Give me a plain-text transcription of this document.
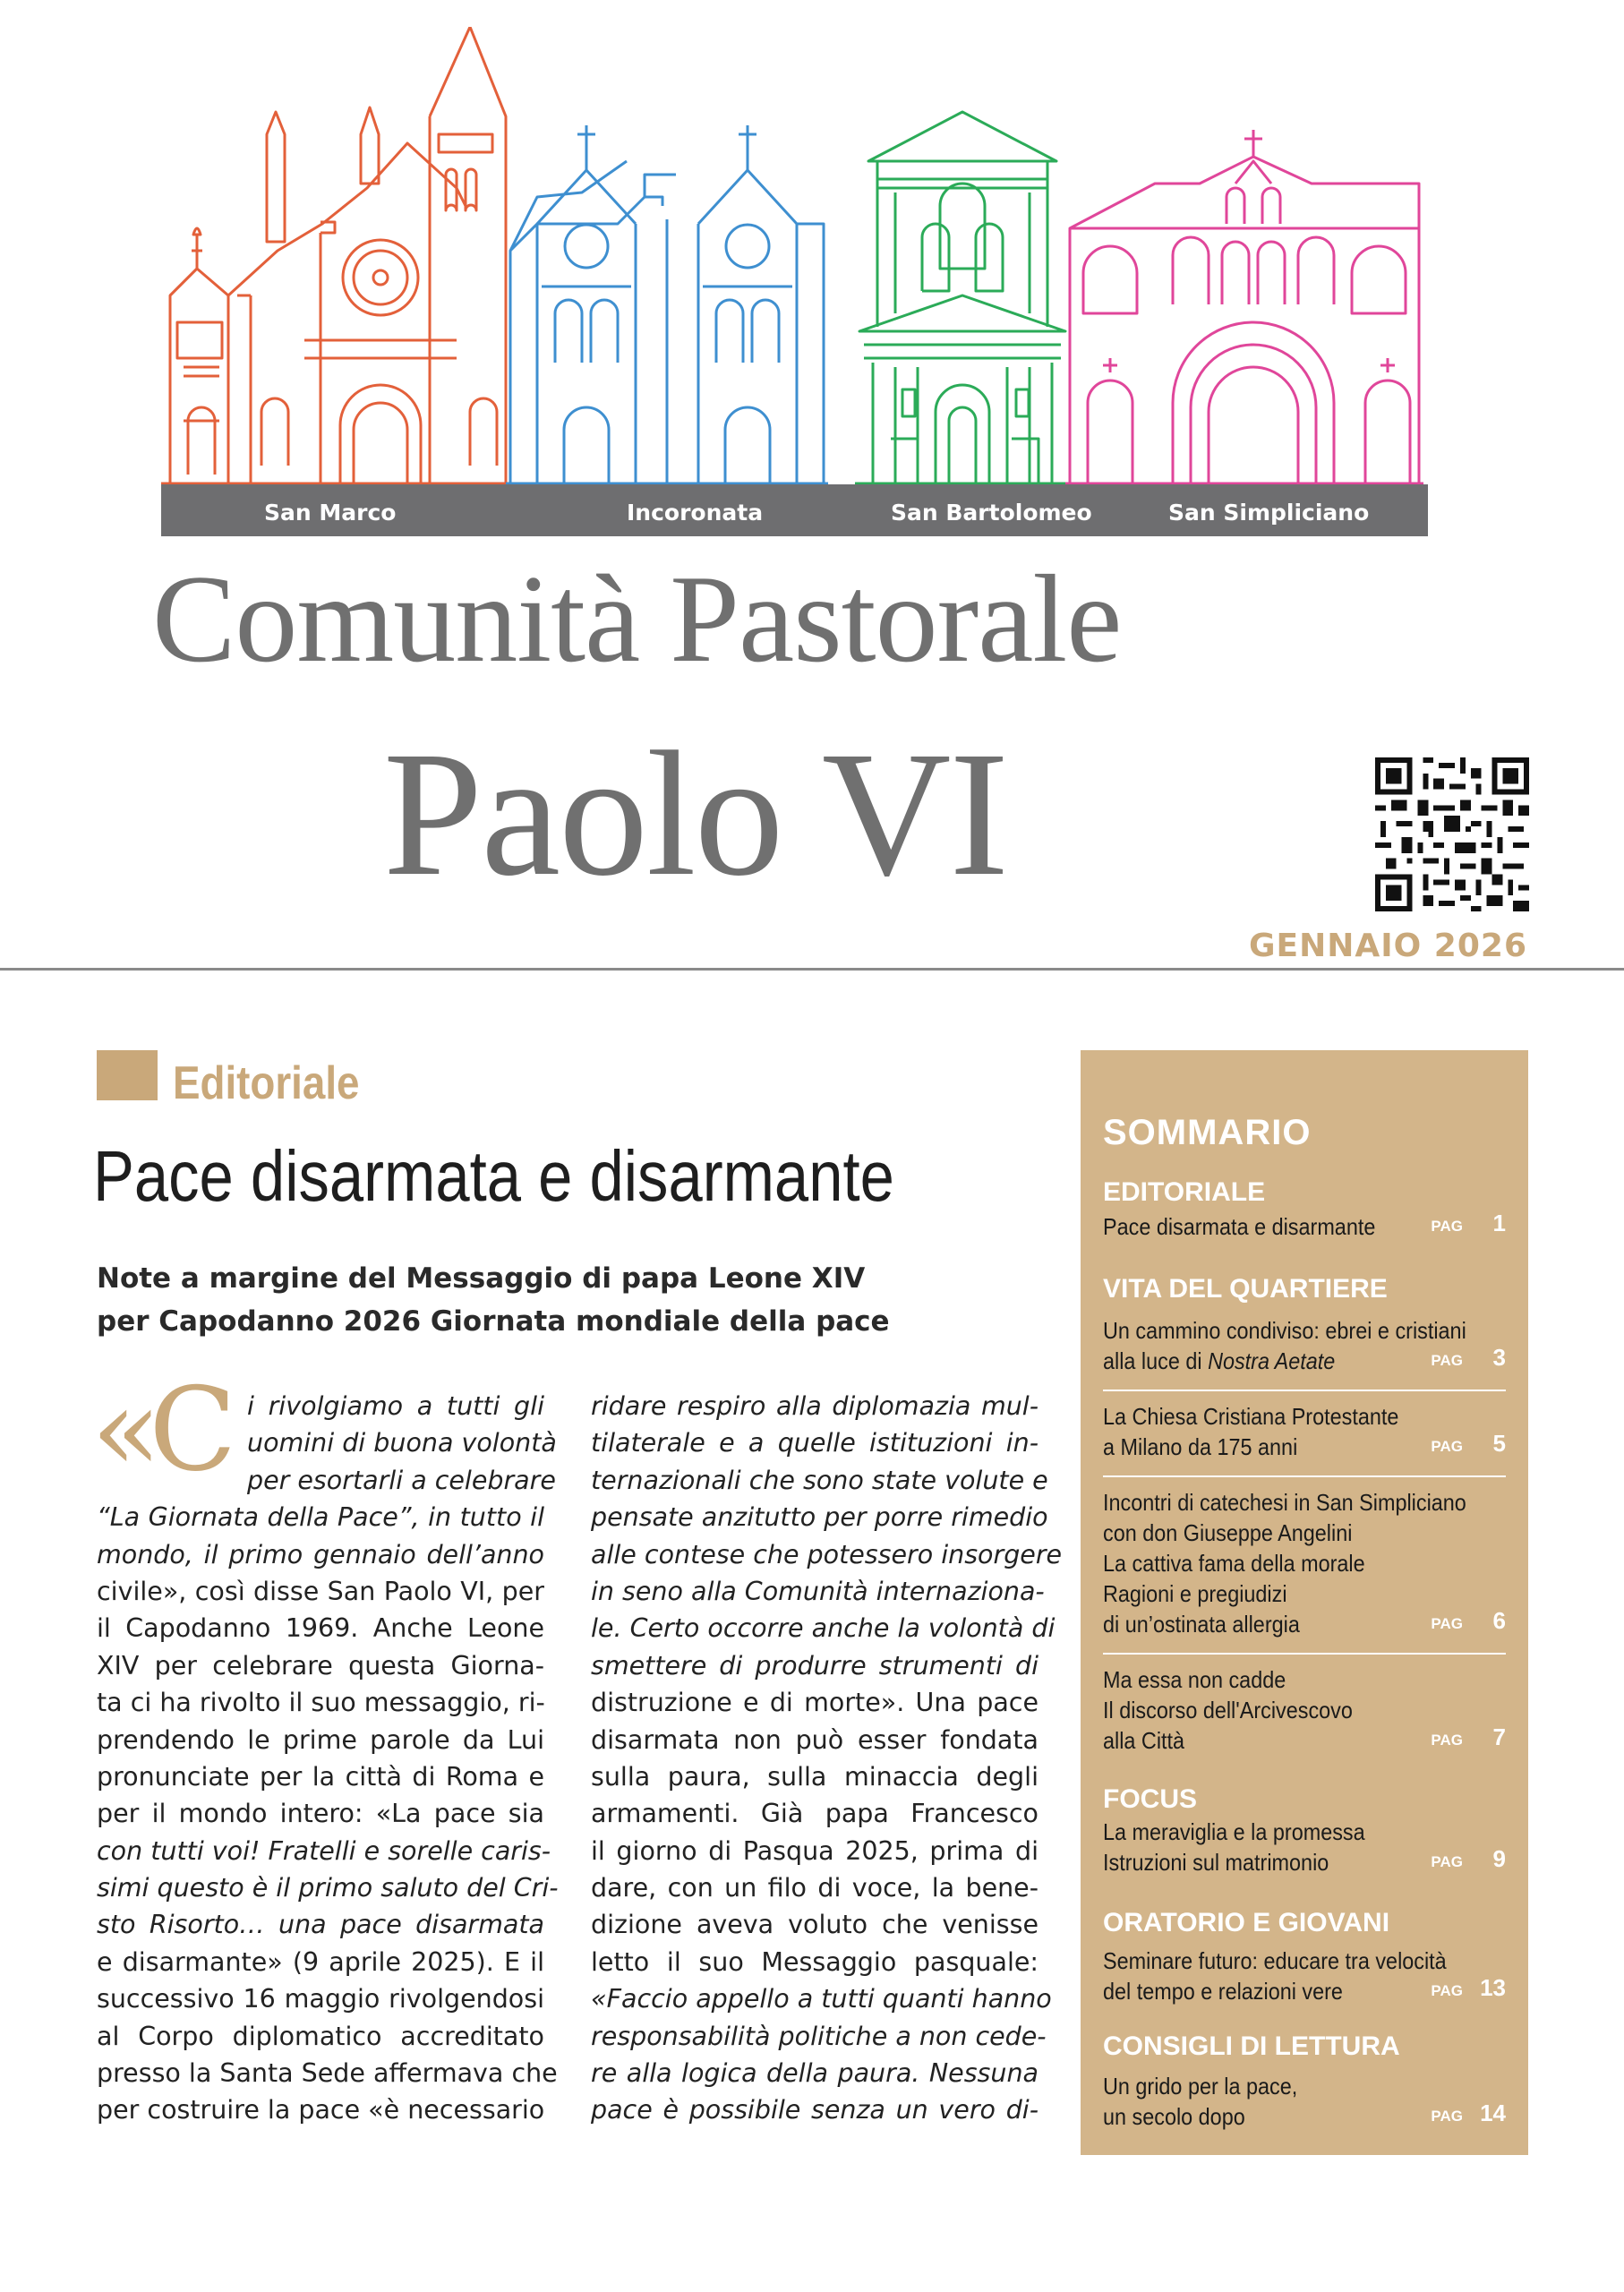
San Marco	Incoronata	San Bartolomeo	San Simpliciano
Comunità Pastorale
Paolo VI
GENNAIO 2026
Editoriale
Pace disarmata e disarmante
Note a margine del Messaggio di papa Leone XIV
per Capodanno 2026 Giornata mondiale della pace
«C i rivolgiamo a tutti gli
uomini di buona volontà
per esortarli a celebrare
“La Giornata della Pace”, in tutto il
mondo, il primo gennaio dell’anno
civile», così disse San Paolo VI, per
il Capodanno 1969. Anche Leone
XIV per celebrare questa Giorna-
ta ci ha rivolto il suo messaggio, ri-
prendendo le prime parole da Lui
pronunciate per la città di Roma e
per il mondo intero: «La pace sia
con tutti voi! Fratelli e sorelle caris-
simi questo è il primo saluto del Cri-
sto Risorto… una pace disarmata
e disarmante» (9 aprile 2025). E il
successivo 16 maggio rivolgendosi
al Corpo diplomatico accreditato
presso la Santa Sede affermava che
per costruire la pace «è necessario
ridare respiro alla diplomazia mul-
tilaterale e a quelle istituzioni in-
ternazionali che sono state volute e
pensate anzitutto per porre rimedio
alle contese che potessero insorgere
in seno alla Comunità internaziona-
le. Certo occorre anche la volontà di
smettere di produrre strumenti di
distruzione e di morte». Una pace
disarmata non può esser fondata
sulla paura, sulla minaccia degli
armamenti. Già papa Francesco
il giorno di Pasqua 2025, prima di
dare, con un filo di voce, la bene-
dizione aveva voluto che venisse
letto il suo Messaggio pasquale:
«Faccio appello a tutti quanti hanno
responsabilità politiche a non cede-
re alla logica della paura. Nessuna
pace è possibile senza un vero di-
SOMMARIO
EDITORIALE
Pace disarmata e disarmante	PAG 1
VITA DEL QUARTIERE
Un cammino condiviso: ebrei e cristiani
alla luce di Nostra Aetate	PAG 3
La Chiesa Cristiana Protestante
a Milano da 175 anni	PAG 5
Incontri di catechesi in San Simpliciano
con don Giuseppe Angelini
La cattiva fama della morale
Ragioni e pregiudizi
di un’ostinata allergia	PAG 6
Ma essa non cadde
Il discorso dell'Arcivescovo
alla Città	PAG 7
FOCUS
La meraviglia e la promessa
Istruzioni sul matrimonio	PAG 9
ORATORIO E GIOVANI
Seminare futuro: educare tra velocità
del tempo e relazioni vere	PAG 13
CONSIGLI DI LETTURA
Un grido per la pace,
un secolo dopo	PAG 14
